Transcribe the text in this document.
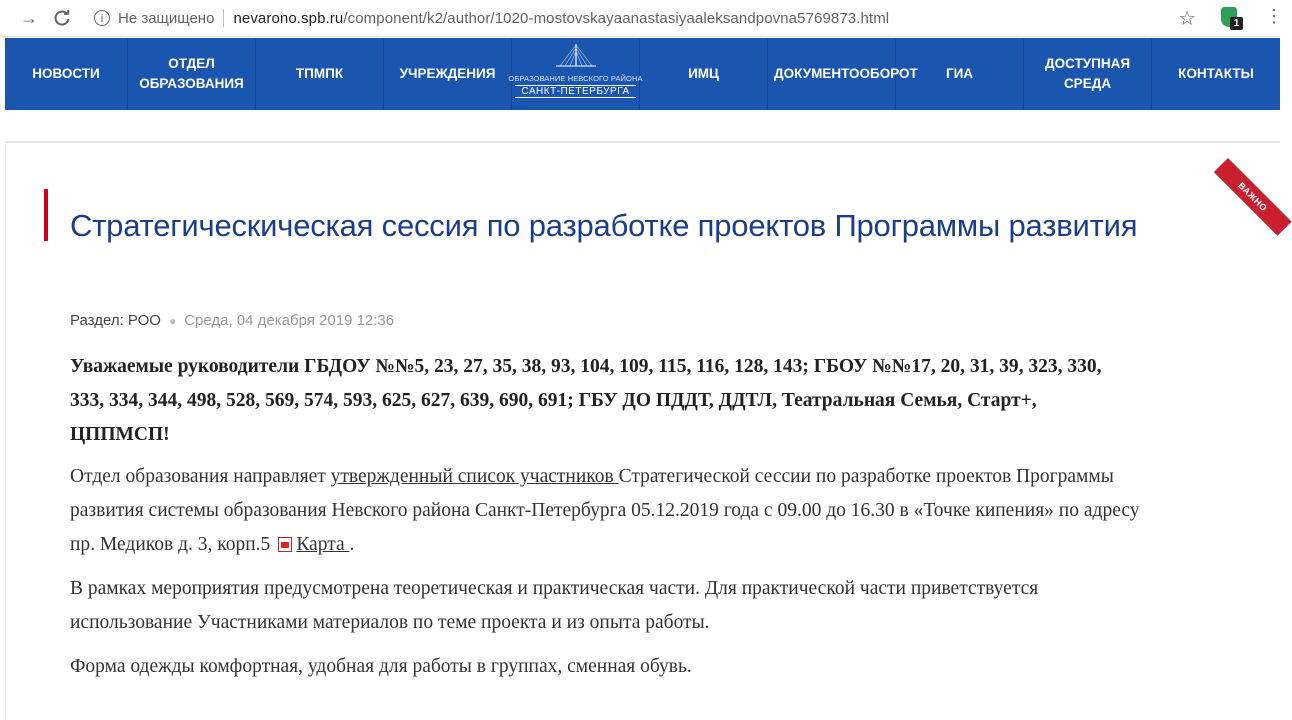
→	i Не защищено nevarono.spb.ru/component/k2/author/1020-mostovskayaanastasiyaaleksandpovna5769873.html	☆	1 ⋮
НОВОСТИ
ОТДЕЛ
ОБРАЗОВАНИЯ
ТПМПК	УЧРЕЖДЕНИЯ ОБРАЗОВАНИЕ НЕВСКОГО РАЙОНА
САНКТ-ПЕТЕРБУРГА
ИМЦ	ДОКУМЕНТООБОРОТ ГИА
ДОСТУПНАЯ
СРЕДА
КОНТАКТЫ
ВАЖНО
Стратегическическая сессия по разработке проектов Программы развития
Раздел: РОО ● Среда, 04 декабря 2019 12:36

Уважаемые руководители ГБДОУ №№5, 23, 27, 35, 38, 93, 104, 109, 115, 116, 128, 143; ГБОУ №№17, 20, 31, 39, 323, 330, 333, 334, 344, 498, 528, 569, 574, 593, 625, 627, 639, 690, 691; ГБУ ДО ПДДТ, ДДТЛ, Театральная Семья, Старт+, ЦППМСП!

Отдел образования направляет утвержденный список участников Стратегической сессии по разработке проектов Программы развития системы образования Невского района Санкт-Петербурга 05.12.2019 года с 09.00 до 16.30 в «Точке кипения» по адресу пр. Медиков д. 3, корп.5 Карта .

В рамках мероприятия предусмотрена теоретическая и практическая части. Для практической части приветствуется использование Участниками материалов по теме проекта и из опыта работы.

Форма одежды комфортная, удобная для работы в группах, сменная обувь.
